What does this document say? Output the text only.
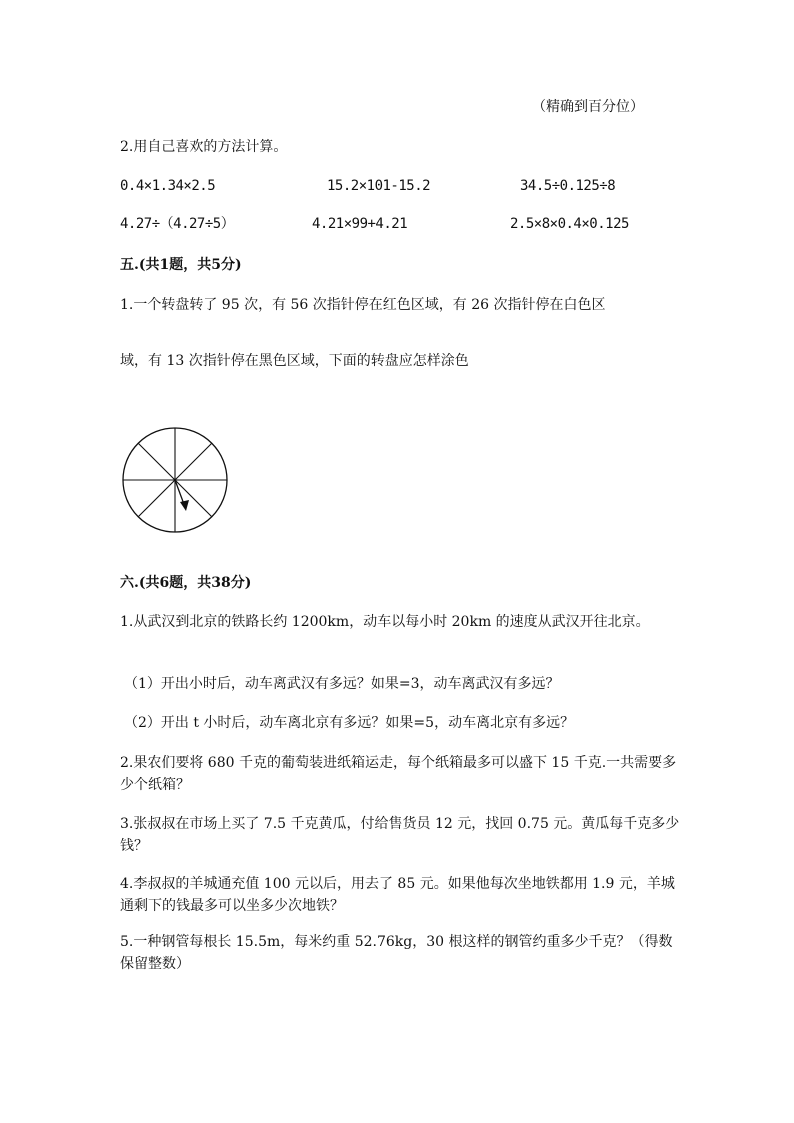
（精确到百分位）
2.用自己喜欢的方法计算。
0.4×1.34×2.5	15.2×101-15.2	34.5÷0.125÷8
4.27÷（4.27÷5）	4.21×99+4.21	2.5×8×0.4×0.125
五.(共1题，共5分)
1.一个转盘转了 95 次，有 56 次指针停在红色区域，有 26 次指针停在白色区
域，有 13 次指针停在黑色区域，下面的转盘应怎样涂色
六.(共6题，共38分)
1.从武汉到北京的铁路长约 1200km，动车以每小时 20km 的速度从武汉开往北京。
（1）开出小时后，动车离武汉有多远？如果=3，动车离武汉有多远？
（2）开出 t 小时后，动车离北京有多远？如果=5，动车离北京有多远？
2.果农们要将 680 千克的葡萄装进纸箱运走，每个纸箱最多可以盛下 15 千克.一共需要多少个纸箱？
3.张叔叔在市场上买了 7.5 千克黄瓜，付给售货员 12 元，找回 0.75 元。黄瓜每千克多少钱？
4.李叔叔的羊城通充值 100 元以后，用去了 85 元。如果他每次坐地铁都用 1.9 元，羊城通剩下的钱最多可以坐多少次地铁？
5.一种钢管每根长 15.5m，每米约重 52.76kg，30 根这样的钢管约重多少千克？（得数保留整数）
